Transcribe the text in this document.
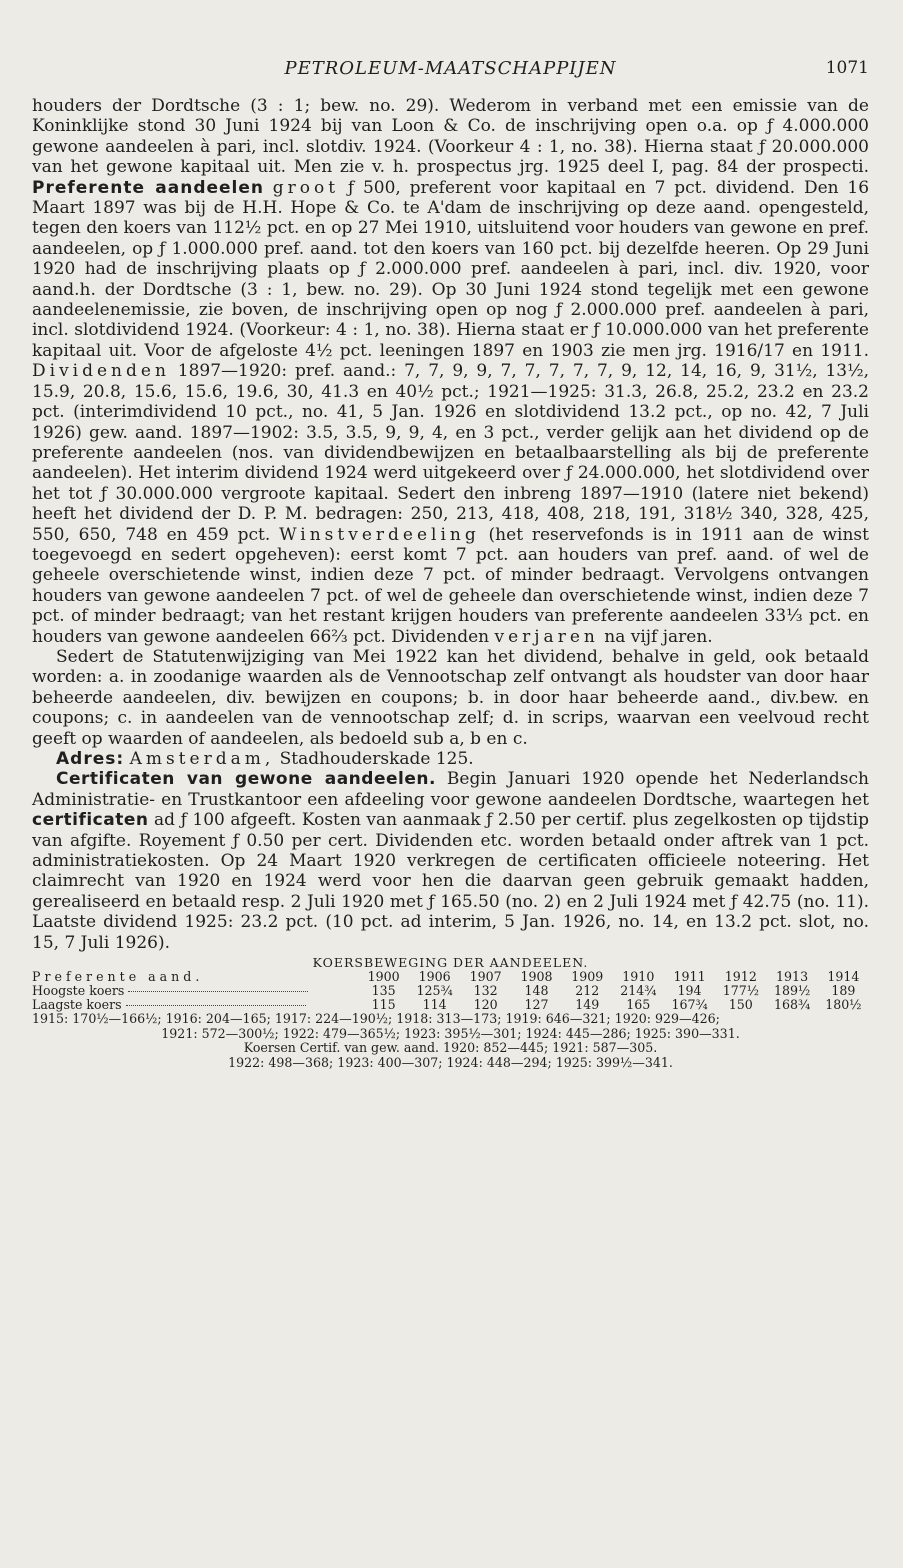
PETROLEUM-MAATSCHAPPIJEN	1071

houders der Dordtsche (3 : 1; bew. no. 29). Wederom in verband met een emissie van de Koninklijke stond 30 Juni 1924 bij van Loon & Co. de inschrijving open o.a. op ƒ 4.000.000 gewone aandeelen à pari, incl. slotdiv. 1924. (Voorkeur 4 : 1, no. 38). Hierna staat ƒ 20.000.000 van het gewone kapitaal uit. Men zie v. h. prospectus jrg. 1925 deel I, pag. 84 der prospecti. Preferente aandeelen groot ƒ 500, preferent voor kapitaal en 7 pct. dividend. Den 16 Maart 1897 was bij de H.H. Hope & Co. te A'dam de inschrijving op deze aand. opengesteld, tegen den koers van 112½ pct. en op 27 Mei 1910, uitsluitend voor houders van gewone en pref. aandeelen, op ƒ 1.000.000 pref. aand. tot den koers van 160 pct. bij dezelfde heeren. Op 29 Juni 1920 had de inschrijving plaats op ƒ 2.000.000 pref. aandeelen à pari, incl. div. 1920, voor aand.h. der Dordtsche (3 : 1, bew. no. 29). Op 30 Juni 1924 stond tegelijk met een gewone aandeelenemissie, zie boven, de inschrijving open op nog ƒ 2.000.000 pref. aandeelen à pari, incl. slotdividend 1924. (Voorkeur: 4 : 1, no. 38). Hierna staat er ƒ 10.000.000 van het preferente kapitaal uit. Voor de afgeloste 4½ pct. leeningen 1897 en 1903 zie men jrg. 1916/17 en 1911. Dividenden 1897—1920: pref. aand.: 7, 7, 9, 9, 7, 7, 7, 7, 7, 9, 12, 14, 16, 9, 31½, 13½, 15.9, 20.8, 15.6, 15.6, 19.6, 30, 41.3 en 40½ pct.; 1921—1925: 31.3, 26.8, 25.2, 23.2 en 23.2 pct. (interimdividend 10 pct., no. 41, 5 Jan. 1926 en slotdividend 13.2 pct., op no. 42, 7 Juli 1926) gew. aand. 1897—1902: 3.5, 3.5, 9, 9, 4, en 3 pct., verder gelijk aan het dividend op de preferente aandeelen (nos. van dividendbewijzen en betaalbaarstelling als bij de preferente aandeelen). Het interim dividend 1924 werd uitgekeerd over ƒ 24.000.000, het slotdividend over het tot ƒ 30.000.000 vergroote kapitaal. Sedert den inbreng 1897—1910 (latere niet bekend) heeft het dividend der D. P. M. bedragen: 250, 213, 418, 408, 218, 191, 318½ 340, 328, 425, 550, 650, 748 en 459 pct. Winstverdeeling (het reservefonds is in 1911 aan de winst toegevoegd en sedert opgeheven): eerst komt 7 pct. aan houders van pref. aand. of wel de geheele overschietende winst, indien deze 7 pct. of minder bedraagt. Vervolgens ontvangen houders van gewone aandeelen 7 pct. of wel de geheele dan overschietende winst, indien deze 7 pct. of minder bedraagt; van het restant krijgen houders van preferente aandeelen 33⅓ pct. en houders van gewone aandeelen 66⅔ pct. Dividenden verjaren na vijf jaren.

Sedert de Statutenwijziging van Mei 1922 kan het dividend, behalve in geld, ook betaald worden: a. in zoodanige waarden als de Vennootschap zelf ontvangt als houdster van door haar beheerde aandeelen, div. bewijzen en coupons; b. in door haar beheerde aand., div.bew. en coupons; c. in aandeelen van de vennootschap zelf; d. in scrips, waarvan een veelvoud recht geeft op waarden of aandeelen, als bedoeld sub a, b en c.

Adres: Amsterdam, Stadhouderskade 125.

Certificaten van gewone aandeelen. Begin Januari 1920 opende het Nederlandsch Administratie- en Trustkantoor een afdeeling voor gewone aandeelen Dordtsche, waartegen het certificaten ad ƒ 100 afgeeft. Kosten van aanmaak ƒ 2.50 per certif. plus zegelkosten op tijdstip van afgifte. Royement ƒ 0.50 per cert. Dividenden etc. worden betaald onder aftrek van 1 pct. administratiekosten. Op 24 Maart 1920 verkregen de certificaten officieele noteering. Het claimrecht van 1920 en 1924 werd voor hen die daarvan geen gebruik gemaakt hadden, gerealiseerd en betaald resp. 2 Juli 1920 met ƒ 165.50 (no. 2) en 2 Juli 1924 met ƒ 42.75 (no. 11). Laatste dividend 1925: 23.2 pct. (10 pct. ad interim, 5 Jan. 1926, no. 14, en 13.2 pct. slot, no. 15, 7 Juli 1926).

KOERSBEWEGING DER AANDEELEN.
Preferente aand.	1900	1906	1907	1908	1909	1910	1911	1912	1913	1914
Hoogste koers	135	125¾	132	148	212	214¾	194	177½	189½	189
Laagste koers	115	114	120	127	149	165	167¾	150	168¾	180½
1915: 170½—166½; 1916: 204—165; 1917: 224—190½; 1918: 313—173; 1919: 646—321; 1920: 929—426;
1921: 572—300½; 1922: 479—365½; 1923: 395½—301; 1924: 445—286; 1925: 390—331.
Koersen Certif. van gew. aand. 1920: 852—445; 1921: 587—305.
1922: 498—368; 1923: 400—307; 1924: 448—294; 1925: 399½—341.
